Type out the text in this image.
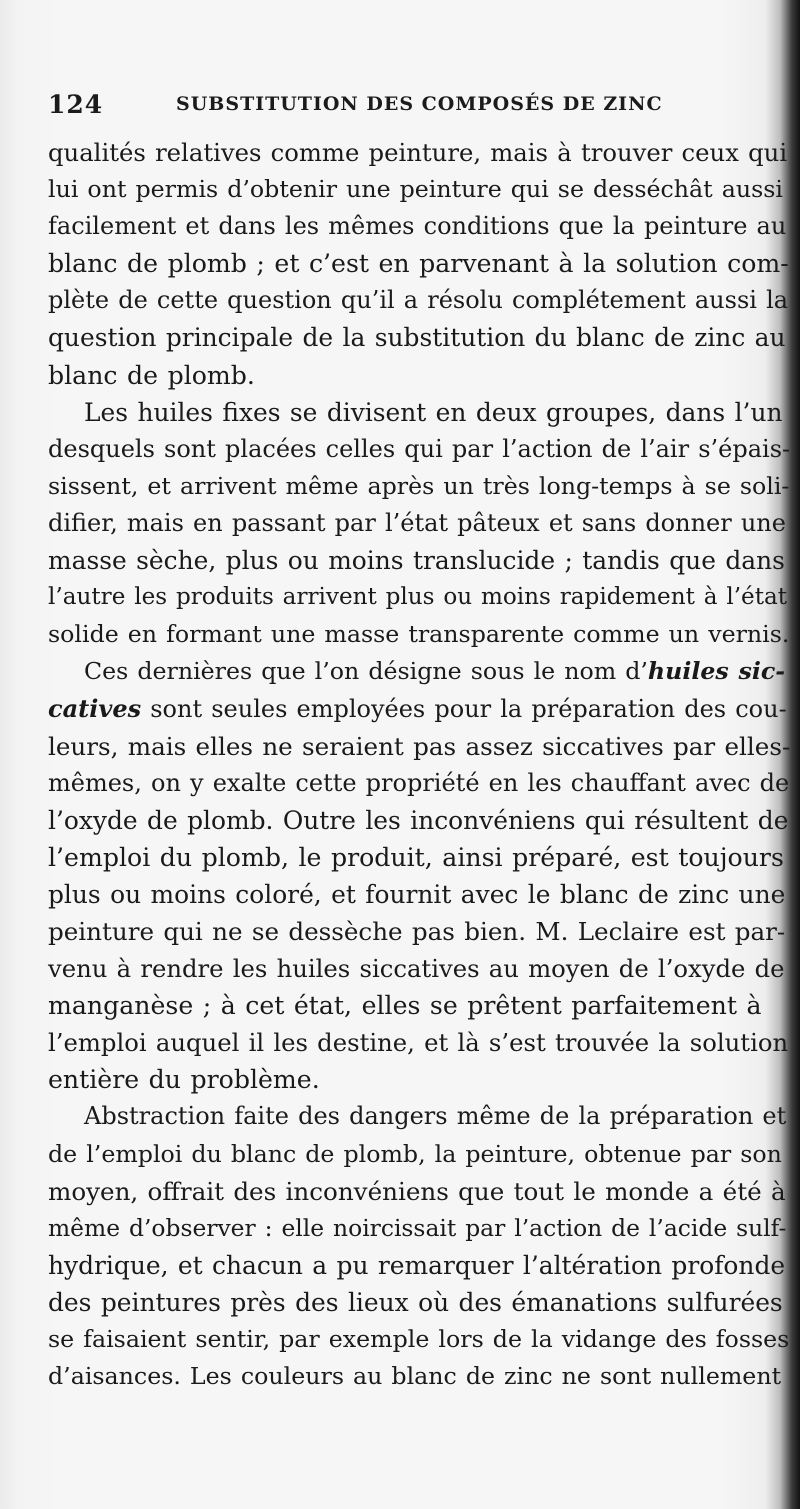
124	SUBSTITUTION DES COMPOSÉS DE ZINC
qualités relatives comme peinture, mais à trouver ceux qui
lui ont permis d’obtenir une peinture qui se desséchât aussi
facilement et dans les mêmes conditions que la peinture au
blanc de plomb ; et c’est en parvenant à la solution com-
plète de cette question qu’il a résolu complétement aussi la
question principale de la substitution du blanc de zinc au
blanc de plomb.
Les huiles fixes se divisent en deux groupes, dans l’un
desquels sont placées celles qui par l’action de l’air s’épais-
sissent, et arrivent même après un très long-temps à se soli-
difier, mais en passant par l’état pâteux et sans donner une
masse sèche, plus ou moins translucide ; tandis que dans
l’autre les produits arrivent plus ou moins rapidement à l’état
solide en formant une masse transparente comme un vernis.
Ces dernières que l’on désigne sous le nom d’huiles sic-
catives sont seules employées pour la préparation des cou-
leurs, mais elles ne seraient pas assez siccatives par elles-
mêmes, on y exalte cette propriété en les chauffant avec de
l’oxyde de plomb. Outre les inconvéniens qui résultent de
l’emploi du plomb, le produit, ainsi préparé, est toujours
plus ou moins coloré, et fournit avec le blanc de zinc une
peinture qui ne se dessèche pas bien. M. Leclaire est par-
venu à rendre les huiles siccatives au moyen de l’oxyde de
manganèse ; à cet état, elles se prêtent parfaitement à
l’emploi auquel il les destine, et là s’est trouvée la solution
entière du problème.
Abstraction faite des dangers même de la préparation et
de l’emploi du blanc de plomb, la peinture, obtenue par son
moyen, offrait des inconvéniens que tout le monde a été à
même d’observer : elle noircissait par l’action de l’acide sulf-
hydrique, et chacun a pu remarquer l’altération profonde
des peintures près des lieux où des émanations sulfurées
se faisaient sentir, par exemple lors de la vidange des fosses
d’aisances. Les couleurs au blanc de zinc ne sont nullement
